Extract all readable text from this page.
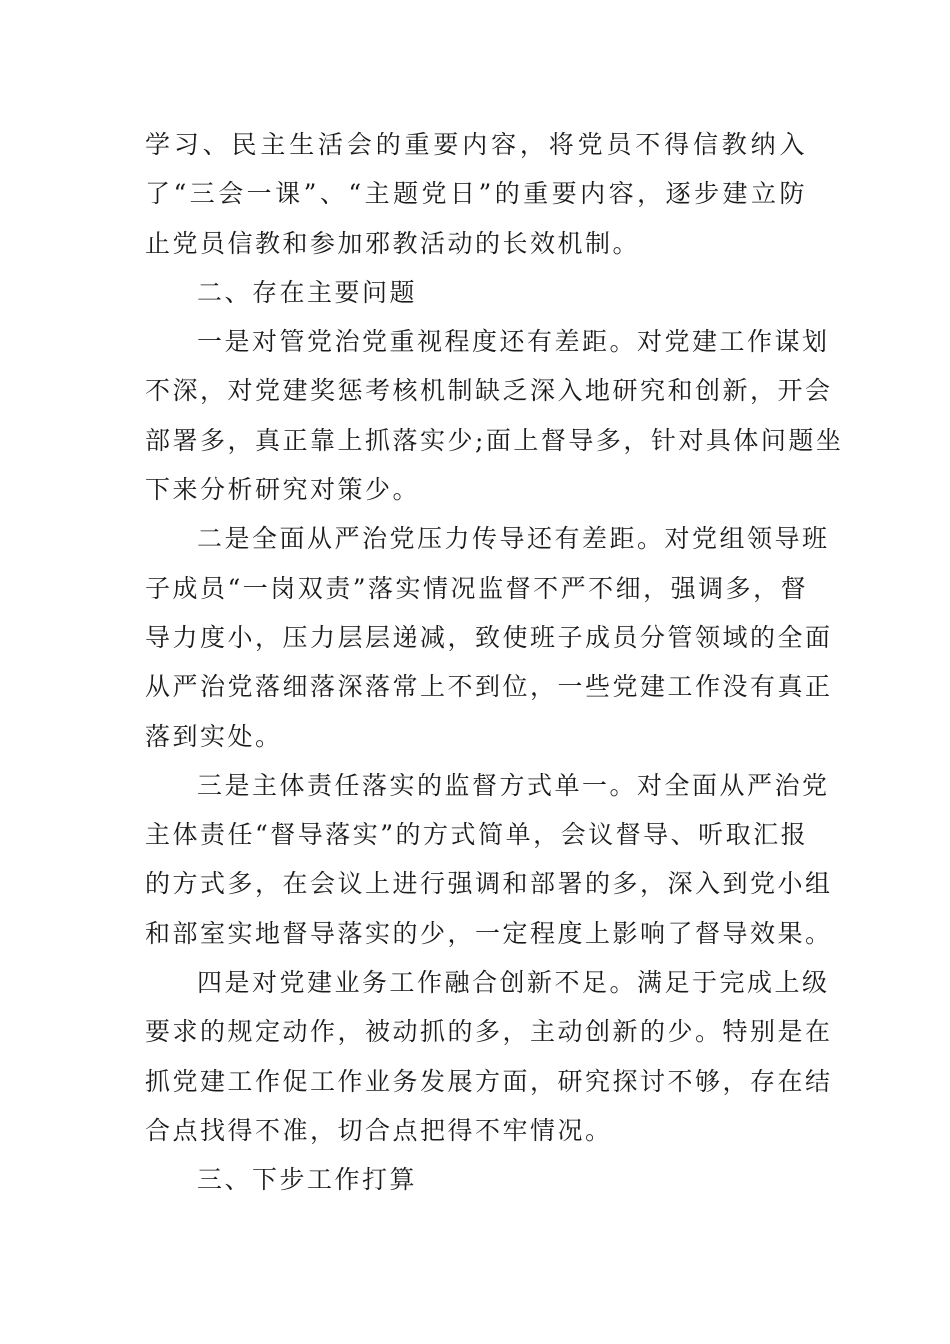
学习、民主生活会的重要内容，将党员不得信教纳入
了“三会一课”、“主题党日”的重要内容，逐步建立防
止党员信教和参加邪教活动的长效机制。
二、存在主要问题
一是对管党治党重视程度还有差距。对党建工作谋划
不深，对党建奖惩考核机制缺乏深入地研究和创新，开会
部署多，真正靠上抓落实少;面上督导多，针对具体问题坐
下来分析研究对策少。
二是全面从严治党压力传导还有差距。对党组领导班
子成员“一岗双责”落实情况监督不严不细，强调多，督
导力度小，压力层层递减，致使班子成员分管领域的全面
从严治党落细落深落常上不到位，一些党建工作没有真正
落到实处。
三是主体责任落实的监督方式单一。对全面从严治党
主体责任“督导落实”的方式简单，会议督导、听取汇报
的方式多，在会议上进行强调和部署的多，深入到党小组
和部室实地督导落实的少，一定程度上影响了督导效果。
四是对党建业务工作融合创新不足。满足于完成上级
要求的规定动作，被动抓的多，主动创新的少。特别是在
抓党建工作促工作业务发展方面，研究探讨不够，存在结
合点找得不准，切合点把得不牢情况。
三、下步工作打算
